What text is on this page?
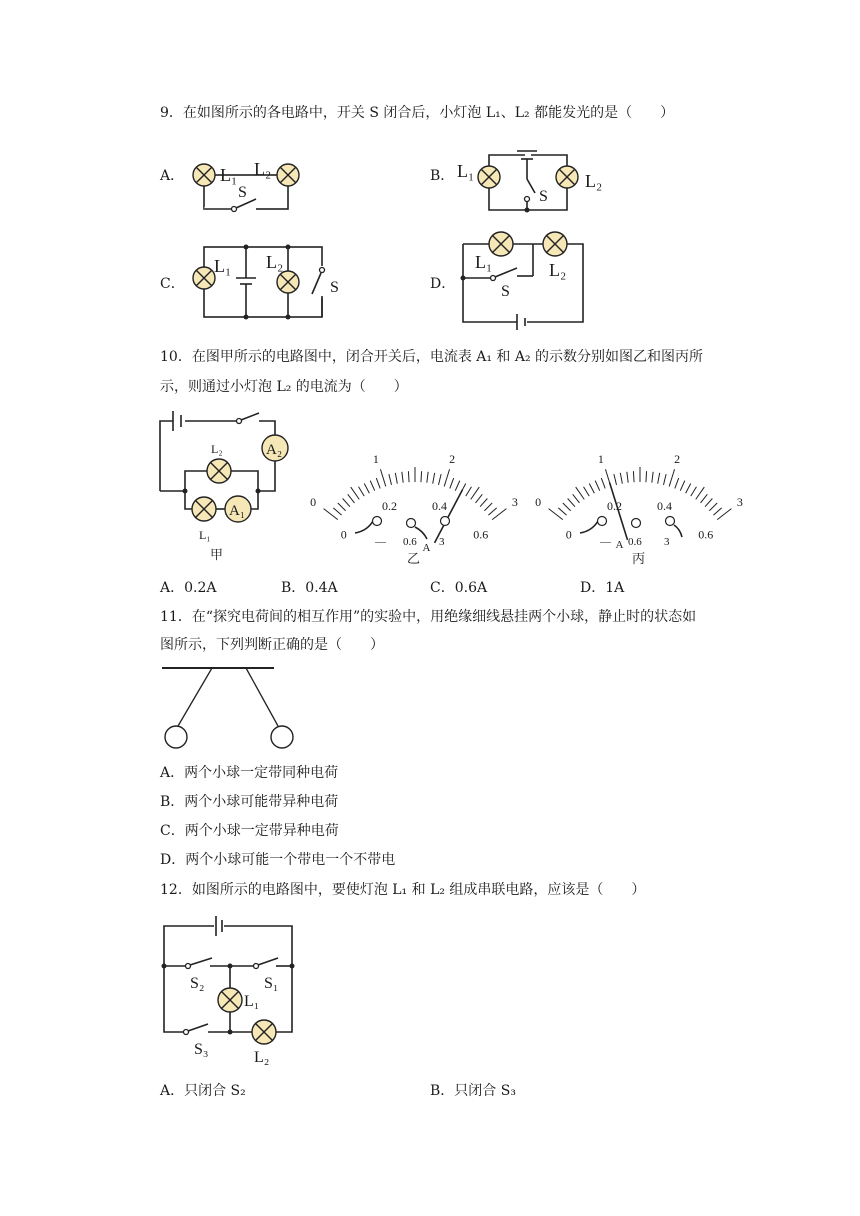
9．在如图所示的各电路中，开关 S 闭合后，小灯泡 L₁、L₂ 都能发光的是（　　）
A． L₁ L₂
S
B． L₁	L₂
S
C．
L₁ L₂
S	D．
L₁	L₂
S
10．在图甲所示的电路图中，闭合开关后，电流表 A₁ 和 A₂ 的示数分别如图乙和图丙所
示，则通过小灯泡 L₂ 的电流为（　　）
A₂
L₂
L₁
A₁
甲
0
1	2
3
0
0.2	0.4
0.6
A
— 0.6 3
乙
0
1	2
3
0
0.2	0.4
0.6
A
— 0.6 3
丙
A．0.2A	B．0.4A	C．0.6A	D．1A
11．在“探究电荷间的相互作用”的实验中，用绝缘细线悬挂两个小球，静止时的状态如
图所示，下列判断正确的是（　　）
A．两个小球一定带同种电荷
B．两个小球可能带异种电荷
C．两个小球一定带异种电荷
D．两个小球可能一个带电一个不带电
12．如图所示的电路图中，要使灯泡 L₁ 和 L₂ 组成串联电路，应该是（　　）
S₂	S₁
L₁
S₃	L₂
A．只闭合 S₂	B．只闭合 S₃
